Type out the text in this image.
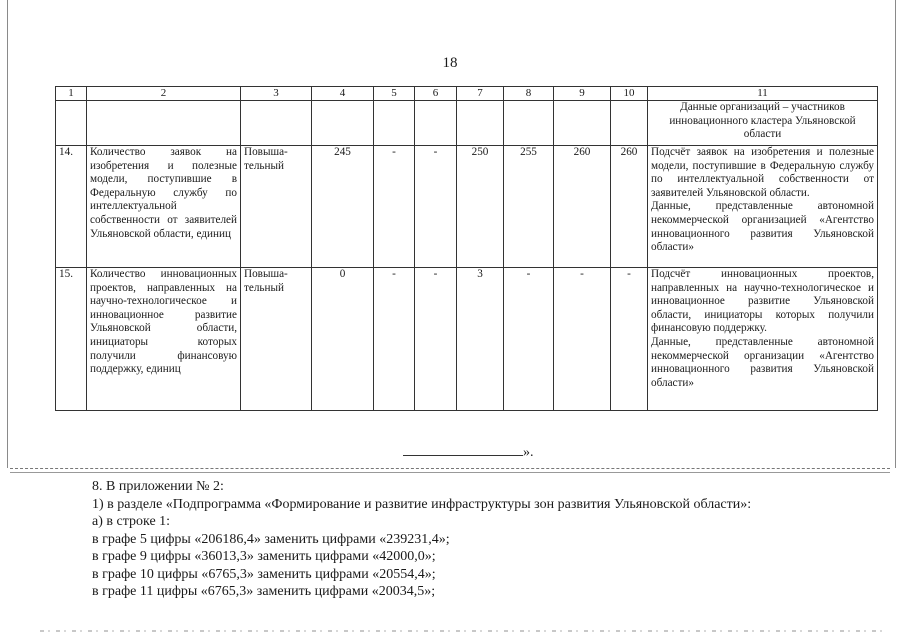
18
1	2	3	4	5	6	7	8	9	10	11
										Данные организаций – участников инновационного кластера Ульяновской области
14.	Количество заявок на изобретения и полезные модели, поступившие в Федеральную службу по интеллектуальной собственности от заявителей Ульяновской области, единиц	Повыша-тельный	245	-	-	250	255	260	260	Подсчёт заявок на изобретения и полезные модели, поступившие в Федеральную службу по интеллектуальной собственности от заявителей Ульяновской области.
Данные, представленные автономной некоммерческой организацией «Агентство инновационного развития Ульяновской области»

15.	Количество инновационных проектов, направленных на научно-технологическое и инновационное развитие Ульяновской области, инициаторы которых получили финансовую поддержку, единиц	Повыша-тельный	0	-	-	3	-	-	-	Подсчёт инновационных проектов, направленных на научно-технологическое и инновационное развитие Ульяновской области, инициаторы которых получили финансовую поддержку.
Данные, представленные автономной некоммерческой организации «Агентство инновационного развития Ульяновской области»
».
8. В приложении № 2:
1) в разделе «Подпрограмма «Формирование и развитие инфраструктуры зон развития Ульяновской области»:
а) в строке 1:
в графе 5 цифры «206186,4» заменить цифрами «239231,4»;
в графе 9 цифры «36013,3» заменить цифрами «42000,0»;
в графе 10 цифры «6765,3» заменить цифрами «20554,4»;
в графе 11 цифры «6765,3» заменить цифрами «20034,5»;
